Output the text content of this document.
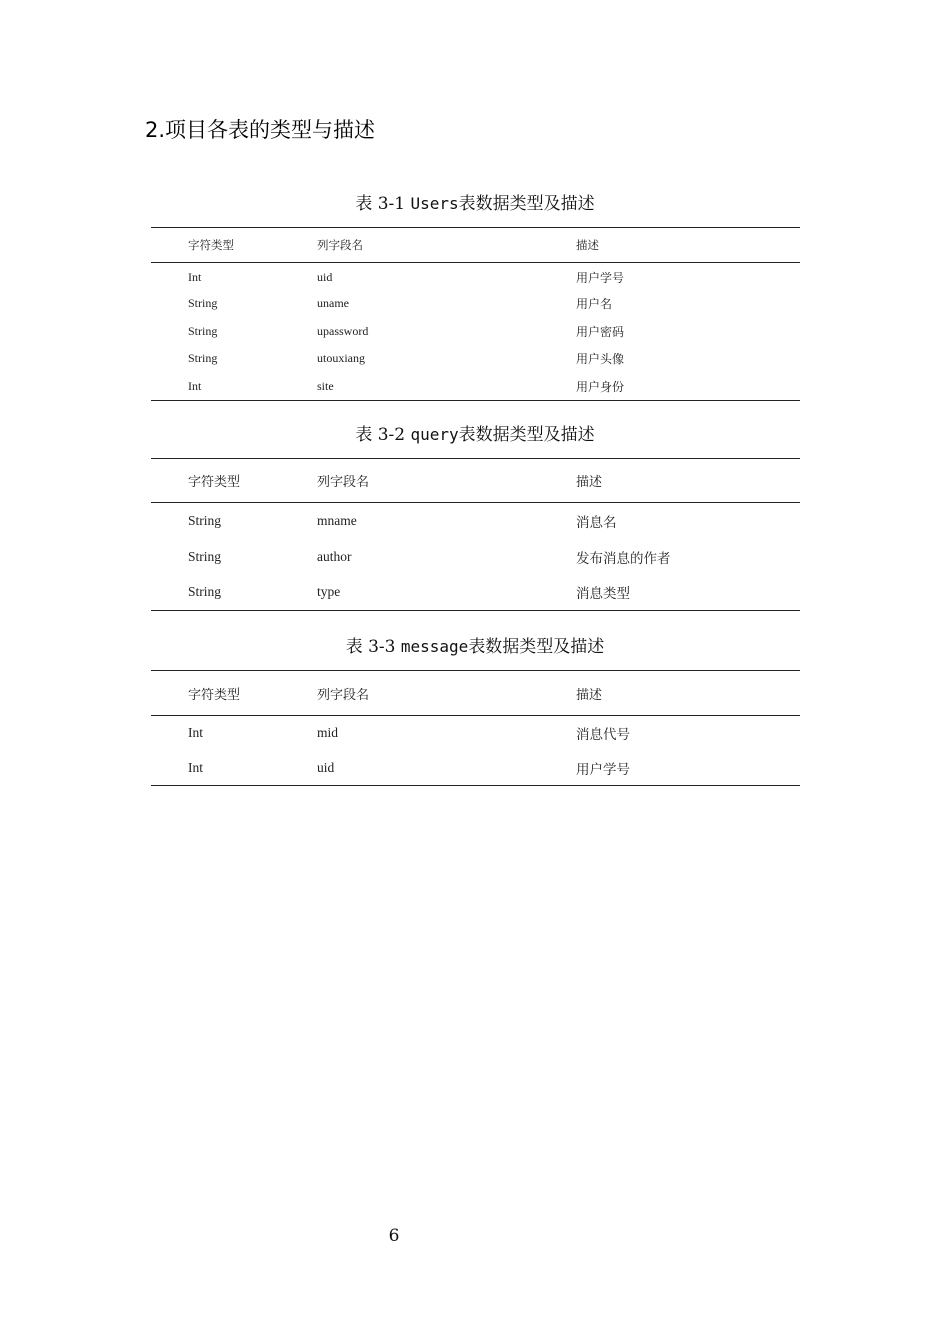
2.项目各表的类型与描述

表 3-1 Users表数据类型及描述

字符类型	列字段名	描述
Int	uid	用户学号
String	uname	用户名
String	upassword	用户密码
String	utouxiang	用户头像
Int	site	用户身份

表 3-2 query表数据类型及描述

字符类型	列字段名	描述
String	mname	消息名
String	author	发布消息的作者
String	type	消息类型

表 3-3 message表数据类型及描述

字符类型	列字段名	描述
Int	mid	消息代号
Int	uid	用户学号
6
